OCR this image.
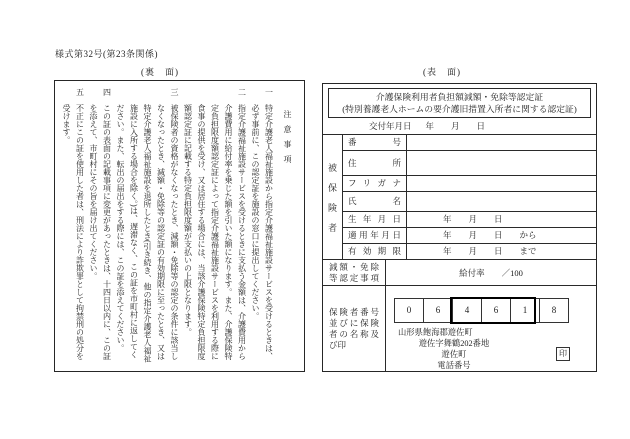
様式第32号(第23条関係)
(裏　面)	(表　面)
注意事項
一　特定介護老人福祉施設から指定介護福祉施設サービスを受けるときは、必ず事前に、この認定証を施設の窓口に提出してください。
二　指定介護福祉施設サービスを受けるときに支払う金額は、介護費用から介護費用に給付率を乗じた額を引いた額になります。また、介護保険特定負担限度額認定証によって指定介護福祉施設サービスを利用する際に食事の提供を受け、又は居住する場合には、当該介護保険特定負担限度額認定証に記載する特定負担限度額が支払いの上限となります。
三　被保険者の資格がなくなったとき、減額・免除等の認定の条件に該当しなくなったとき、減額・免除等の認定証の有効期限に至ったとき、又は特定介護老人福祉施設を退所したとき(引き続き、他の指定介護老人福祉施設に入所する場合を除く。)は、遅滞なく、この証を市町村に返してください。また、転出の届出をする際には、この証を添えてください。
四　この証の表面の記載事項に変更があったときは、十四日以内に、この証を添えて、市町村にその旨を届け出てください。
五　不正にこの証を使用した者は、刑法により詐欺罪として拘禁刑の処分を受けます。
介護保険利用者負担額減額・免除等認定証
(特別養護老人ホームの要介護旧措置入所者に関する認定証)
交付年月日 年　　月　　日
被保険者
番号
住所
フリガナ
氏名
生年月日	年　　月　　日
適用年月日	年　　月　　日　　から
有効期限	年　　月　　日　　まで
減額・免除
等認定事項	給付率　　／100
保険者番号
並びに保険
者の名称及
び印
0	6	4	6	1	8
山形県飽海郡遊佐町
遊佐字舞鶴202番地
遊佐町
電話番号
印
